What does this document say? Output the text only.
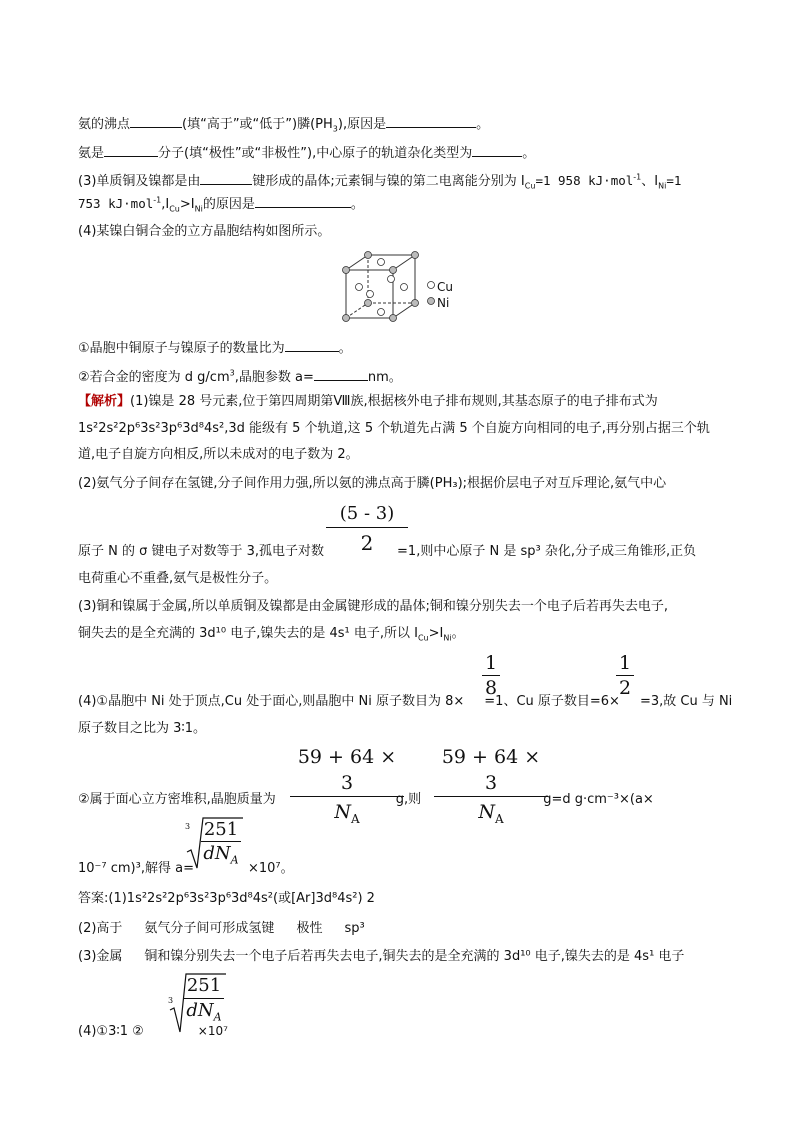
氨的沸点	(填“高于”或“低于”)膦$(PH_3)$,原因是	。
氨是	分子(填“极性”或“非极性”),中心原子的轨道杂化类型为	。
(3)单质铜及镍都是由	键形成的晶体;元素铜与镍的第二电离能分别为 $I_{Cu}=1$ 958 kJ·mol$^{-1}$、$I_{Ni}=1$
753 $kJ\cdot mol^{-1},I_{Cu}>I_{Ni}$的原因是	。
(4)某镍白铜合金的立方晶胞结构如图所示。
Cu
Ni
①晶胞中铜原子与镍原子的数量比为	。
②若合金的密度为 d $g/cm^3$,晶胞参数 a=	nm。
【解析】(1)镍是 28 号元素,位于第四周期第Ⅷ族,根据核外电子排布规则,其基态原子的电子排布式为
1s²2s²2p⁶3s²3p⁶3d⁸4s²,3d 能级有 5 个轨道,这 5 个轨道先占满 5 个自旋方向相同的电子,再分别占据三个轨
道,电子自旋方向相反,所以未成对的电子数为 2。
(2)氨气分子间存在氢键,分子间作用力强,所以氨的沸点高于膦(PH₃);根据价层电子对互斥理论,氨气中心
(5 - 3)
2
原子 N 的 σ 键电子对数等于 3,孤电子对数	=1,则中心原子 N 是 sp³ 杂化,分子成三角锥形,正负
电荷重心不重叠,氨气是极性分子。
(3)铜和镍属于金属,所以单质铜及镍都是由金属键形成的晶体;铜和镍分别失去一个电子后若再失去电子,
铜失去的是全充满的 3d¹⁰ 电子,镍失去的是 4s¹ 电子,所以 $I_{Cu}>I_{Ni}$。
1
8
1
2
(4)①晶胞中 Ni 处于顶点,Cu 处于面心,则晶胞中 Ni 原子数目为 8× =1、Cu 原子数目=6× =3,故 Cu 与 Ni
原子数目之比为 3∶1。
59 + 64 × 3
$N_A$
59 + 64 × 3
$N_A$
②属于面心立方密堆积,晶胞质量为	g,则	g=d g·cm⁻³×(a×
3 251
$dN_A$
10⁻⁷ cm)³,解得 a=	×10⁷。
答案:(1)1s²2s²2p⁶3s²3p⁶3d⁸4s²(或[Ar]3d⁸4s²) 2
(2)高于 氨气分子间可形成氢键 极性 sp³
(3)金属 铜和镍分别失去一个电子后若再失去电子,铜失去的是全充满的 3d¹⁰ 电子,镍失去的是 4s¹ 电子
3
251
$dN_A$
(4)①3∶1 ②	×10⁷
